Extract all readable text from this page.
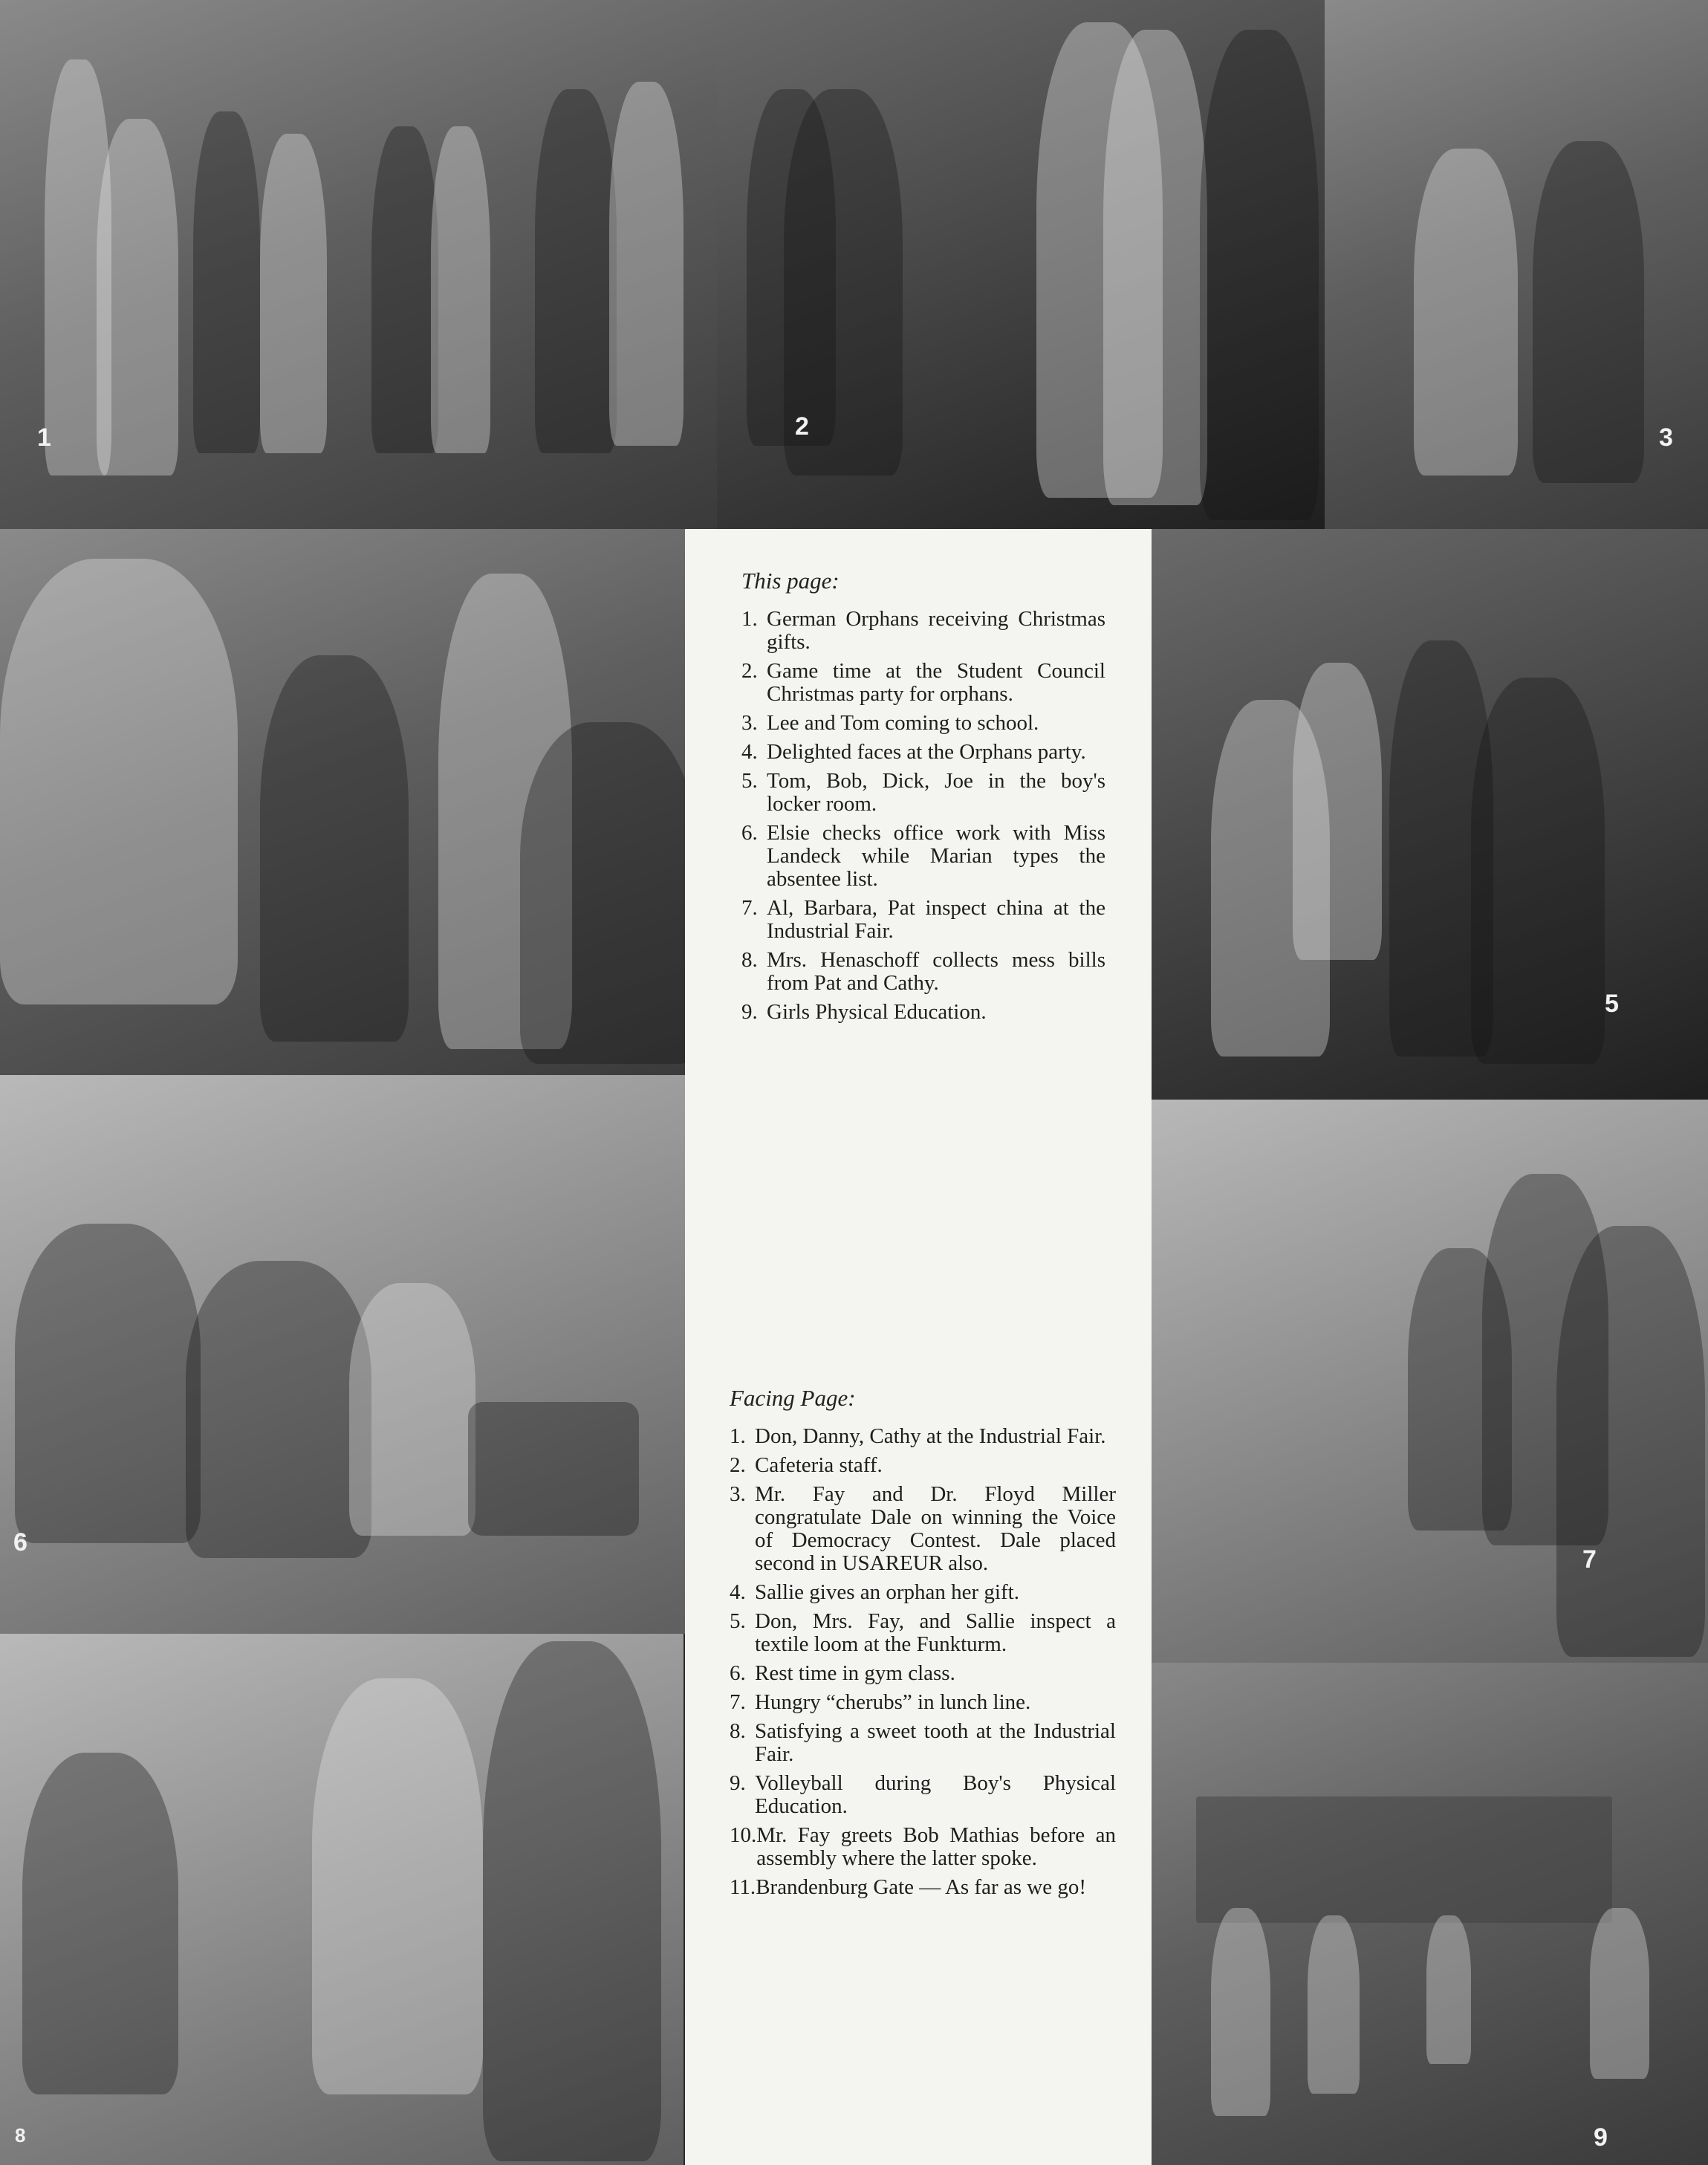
1	2	3
6
8
5
7
9
This page:
1. German Orphans receiving Christmas gifts.
2. Game time at the Student Council Christmas party for orphans.
3. Lee and Tom coming to school.
4. Delighted faces at the Orphans party.
5. Tom, Bob, Dick, Joe in the boy's locker room.
6. Elsie checks office work with Miss Landeck while Marian types the absentee list.
7. Al, Barbara, Pat inspect china at the Industrial Fair.
8. Mrs. Henaschoff collects mess bills from Pat and Cathy.
9. Girls Physical Education.
Facing Page:
1. Don, Danny, Cathy at the Industrial Fair.
2. Cafeteria staff.
3. Mr. Fay and Dr. Floyd Miller congratulate Dale on winning the Voice of Democracy Contest. Dale placed second in USAREUR also.
4. Sallie gives an orphan her gift.
5. Don, Mrs. Fay, and Sallie inspect a textile loom at the Funkturm.
6. Rest time in gym class.
7. Hungry “cherubs” in lunch line.
8. Satisfying a sweet tooth at the Industrial Fair.
9. Volleyball during Boy's Physical Education.
10. Mr. Fay greets Bob Mathias before an assembly where the latter spoke.
11. Brandenburg Gate — As far as we go!
